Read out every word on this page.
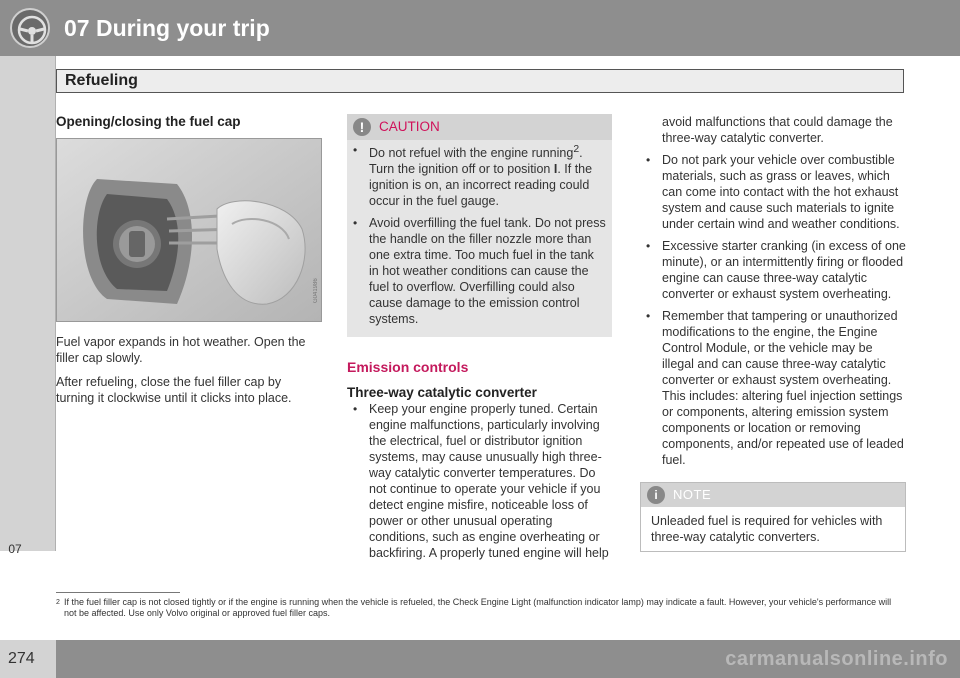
07 During your trip
07
Refueling
Opening/closing the fuel cap
G041986

Fuel vapor expands in hot weather. Open the filler cap slowly.

After refueling, close the fuel filler cap by turning it clockwise until it clicks into place.

!	CAUTION
• Do not refuel with the engine running$^2$. Turn the ignition off or to position I. If the ignition is on, an incorrect reading could occur in the fuel gauge.
• Avoid overfilling the fuel tank. Do not press the handle on the filler nozzle more than one extra time. Too much fuel in the tank in hot weather conditions can cause the fuel to overflow. Overfilling could also cause damage to the emission control systems.
Emission controls
Three-way catalytic converter
• Keep your engine properly tuned. Certain engine malfunctions, particularly involving the electrical, fuel or distributor ignition systems, may cause unusually high three-way catalytic converter temperatures. Do not continue to operate your vehicle if you detect engine misfire, noticeable loss of power or other unusual operating conditions, such as engine overheating or backfiring. A properly tuned engine will help

avoid malfunctions that could damage the three-way catalytic converter.

• Do not park your vehicle over combustible materials, such as grass or leaves, which can come into contact with the hot exhaust system and cause such materials to ignite under certain wind and weather conditions.
• Excessive starter cranking (in excess of one minute), or an intermittently firing or flooded engine can cause three-way catalytic converter or exhaust system overheating.
• Remember that tampering or unauthorized modifications to the engine, the Engine Control Module, or the vehicle may be illegal and can cause three-way catalytic converter or exhaust system overheating. This includes: altering fuel injection settings or components, altering emission system components or location or removing components, and/or repeated use of leaded fuel.
i	NOTE
Unleaded fuel is required for vehicles with three-way catalytic converters.
2 If the fuel filler cap is not closed tightly or if the engine is running when the vehicle is refueled, the Check Engine Light (malfunction indicator lamp) may indicate a fault. However, your vehicle's performance will not be affected. Use only Volvo original or approved fuel filler caps.
274	carmanualsonline.info
